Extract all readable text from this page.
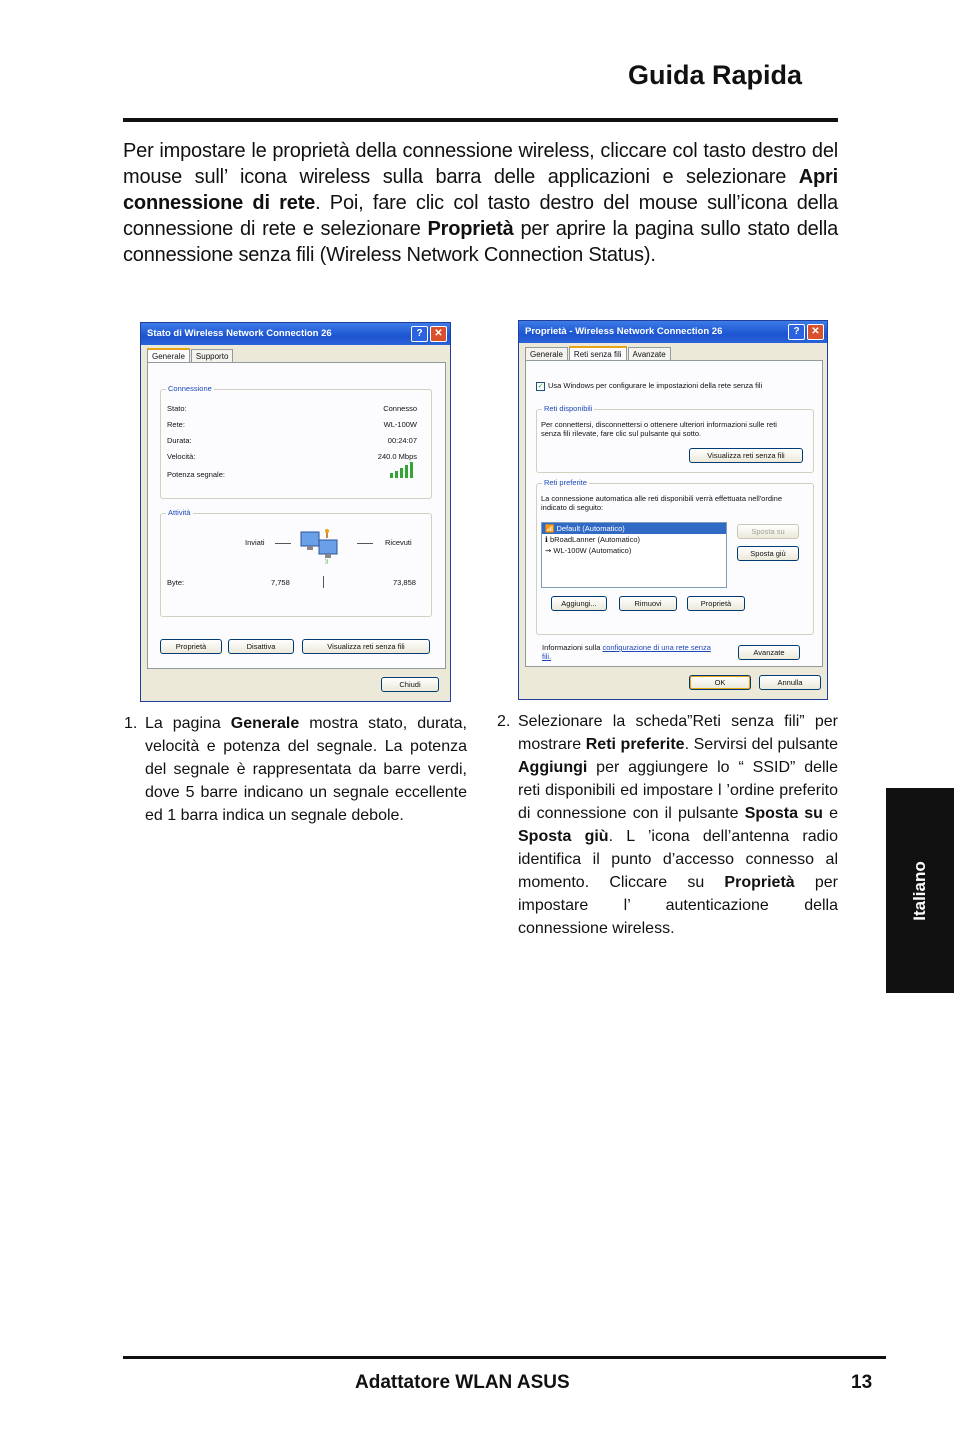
Guida Rapida
Per impostare le proprietà della connessione wireless, cliccare col tasto destro del mouse sull’ icona wireless sulla barra delle applicazioni e selezionare Apri connessione di rete. Poi, fare clic col tasto destro del mouse sull’icona della connessione di rete e selezionare Proprietà per aprire la pagina sullo stato della connessione senza fili (Wireless Network Connection Status).
Stato di Wireless Network Connection 26	?	✕
Generale	Supporto
Connessione
Stato:	Connesso
Rete:	WL-100W
Durata:	00:24:07
Velocità:	240.0 Mbps
Potenza segnale:
Attività
Inviati
))
Ricevuti
Byte:	7,758	73,858
Proprietà	Disattiva	Visualizza reti senza fili
Chiudi
Proprietà - Wireless Network Connection 26	?	✕
Generale	Reti senza fili	Avanzate
✓ Usa Windows per configurare le impostazioni della rete senza fili
Reti disponibili
Per connettersi, disconnettersi o ottenere ulteriori informazioni sulle reti senza fili rilevate, fare clic sul pulsante qui sotto.
Visualizza reti senza fili
Reti preferite
La connessione automatica alle reti disponibili verrà effettuata nell'ordine indicato di seguito:
📶 Default (Automatico)
ℹ bRoadLanner (Automatico)
⇝ WL-100W (Automatico)
Sposta su
Sposta giù
Aggiungi...	Rimuovi	Proprietà
Informazioni sulla configurazione di una rete senza fili.	Avanzate
OK	Annulla
1. La pagina Generale mostra stato, durata, velocità e potenza del segnale. La potenza del segnale è rappresentata da barre verdi, dove 5 barre indicano un segnale eccellente ed 1 barra indica un segnale debole.
2. Selezionare la scheda”Reti senza fili” per mostrare Reti preferite. Servirsi del pulsante Aggiungi per aggiungere lo “ SSID” delle reti disponibili ed impostare l ’ordine preferito di connessione con il pulsante Sposta su e Sposta giù. L ’icona dell’antenna radio identifica il punto d’accesso connesso al momento. Cliccare su Proprietà per impostare l’ autenticazione della connessione wireless.
Italiano
Adattatore WLAN ASUS	13
